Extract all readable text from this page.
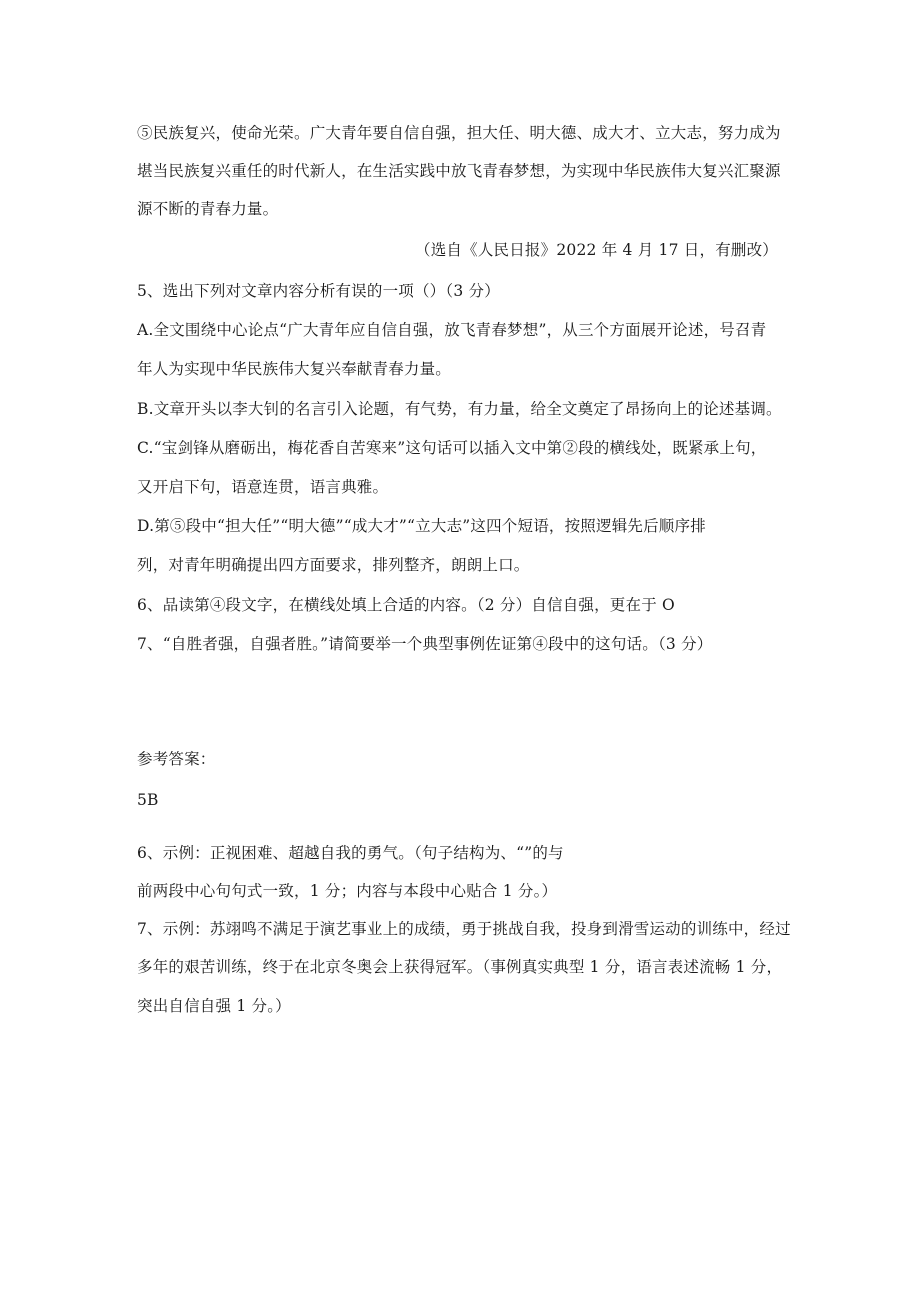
⑤民族复兴，使命光荣。广大青年要自信自强，担大任、明大德、成大才、立大志，努力成为
堪当民族复兴重任的时代新人，在生活实践中放飞青春梦想，为实现中华民族伟大复兴汇聚源
源不断的青春力量。
（选自《人民日报》2022 年 4 月 17 日，有删改）
5、选出下列对文章内容分析有误的一项（）（3 分）
A.全文围绕中心论点“广大青年应自信自强，放飞青春梦想”，从三个方面展开论述，号召青
年人为实现中华民族伟大复兴奉献青春力量。
B.文章开头以李大钊的名言引入论题，有气势，有力量，给全文奠定了昂扬向上的论述基调。
C.“宝剑锋从磨砺出，梅花香自苦寒来”这句话可以插入文中第②段的横线处，既紧承上句，
又开启下句，语意连贯，语言典雅。
D.第⑤段中“担大任”“明大德”“成大才”“立大志”这四个短语，按照逻辑先后顺序排
列，对青年明确提出四方面要求，排列整齐，朗朗上口。
6、品读第④段文字，在横线处填上合适的内容。（2 分）自信自强，更在于 O
7、“自胜者强，自强者胜。”请简要举一个典型事例佐证第④段中的这句话。（3 分）
参考答案：
5B
6、示例：正视困难、超越自我的勇气。（句子结构为、“”的与
前两段中心句句式一致，1 分；内容与本段中心贴合 1 分。）
7、示例：苏翊鸣不满足于演艺事业上的成绩，勇于挑战自我，投身到滑雪运动的训练中，经过
多年的艰苦训练，终于在北京冬奥会上获得冠军。（事例真实典型 1 分，语言表述流畅 1 分，
突出自信自强 1 分。）
